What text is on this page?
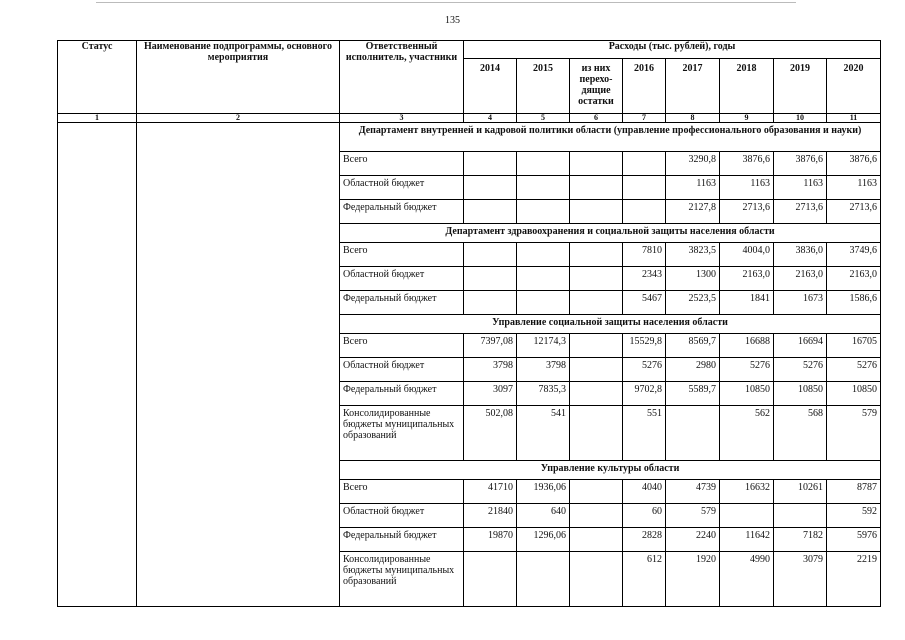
135
Статус	Наименование подпрограммы, основного мероприятия	Ответственный исполнитель, участники	Расходы (тыс. рублей), годы							
			2014	2015	из них перехо- дящие остатки	2016	2017	2018	2019	2020
1	2	3	4	5	6	7	8	9	10	11
		Департамент внутренней и кадровой политики области (управление профессионального образования и науки)								
		Всего					3290,8	3876,6	3876,6	3876,6
		Областной бюджет					1163	1163	1163	1163
		Федеральный бюджет					2127,8	2713,6	2713,6	2713,6
		Департамент здравоохранения и социальной защиты населения области								
		Всего				7810	3823,5	4004,0	3836,0	3749,6
		Областной бюджет				2343	1300	2163,0	2163,0	2163,0
		Федеральный бюджет				5467	2523,5	1841	1673	1586,6
		Управление социальной защиты населения области								
		Всего	7397,08	12174,3		15529,8	8569,7	16688	16694	16705
		Областной бюджет	3798	3798		5276	2980	5276	5276	5276
		Федеральный бюджет	3097	7835,3		9702,8	5589,7	10850	10850	10850
		Консолидированные бюджеты муниципальных образований	502,08	541		551		562	568	579
		Управление культуры области								
		Всего	41710	1936,06		4040	4739	16632	10261	8787
		Областной бюджет	21840	640		60	579			592
		Федеральный бюджет	19870	1296,06		2828	2240	11642	7182	5976
		Консолидированные бюджеты муниципальных образований				612	1920	4990	3079	2219
